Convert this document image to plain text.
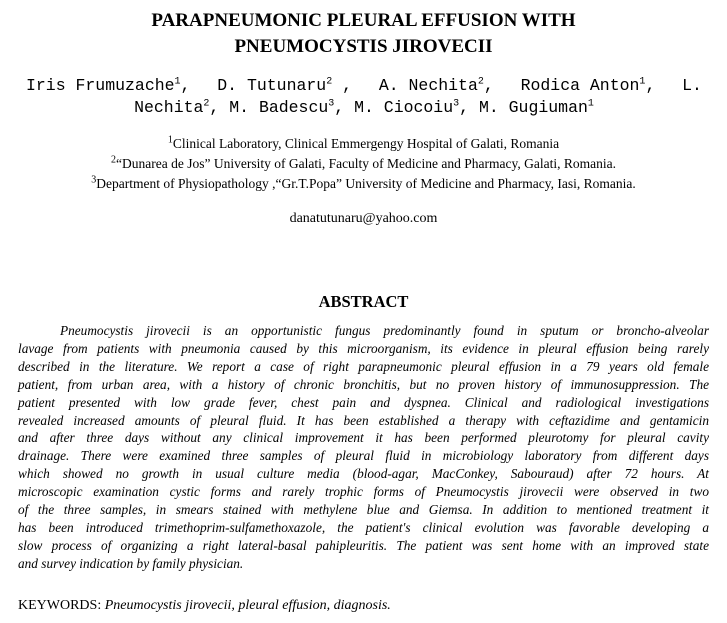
PARAPNEUMONIC PLEURAL EFFUSION WITH
PNEUMOCYSTIS JIROVECII
Iris Frumuzache$^1$, D. Tutunaru$^2$ , A. Nechita$^2$, Rodica Anton$^1$, L.
Nechita$^2$, M. Badescu$^3$, M. Ciocoiu$^3$, M. Gugiuman$^1$
$^1$Clinical Laboratory, Clinical Emmergengy Hospital of Galati, Romania
$^2$“Dunarea de Jos” University of Galati, Faculty of Medicine and Pharmacy, Galati, Romania.
$^3$Department of Physiopathology ,“Gr.T.Popa” University of Medicine and Pharmacy, Iasi, Romania.
danatutunaru@yahoo.com
ABSTRACT
Pneumocystis jirovecii is an opportunistic fungus predominantly found in sputum or broncho-alveolar
lavage from patients with pneumonia caused by this microorganism, its evidence in pleural effusion being rarely
described in the literature. We report a case of right parapneumonic pleural effusion in a 79 years old female
patient, from urban area, with a history of chronic bronchitis, but no proven history of immunosuppression. The
patient presented with low grade fever, chest pain and dyspnea. Clinical and radiological investigations
revealed increased amounts of pleural fluid. It has been established a therapy with ceftazidime and gentamicin
and after three days without any clinical improvement it has been performed pleurotomy for pleural cavity
drainage. There were examined three samples of pleural fluid in microbiology laboratory from different days
which showed no growth in usual culture media (blood-agar, MacConkey, Sabouraud) after 72 hours. At
microscopic examination cystic forms and rarely trophic forms of Pneumocystis jirovecii were observed in two
of the three samples, in smears stained with methylene blue and Giemsa. In addition to mentioned treatment it
has been introduced trimethoprim-sulfamethoxazole, the patient's clinical evolution was favorable developing a
slow process of organizing a right lateral-basal pahipleuritis. The patient was sent home with an improved state
and survey indication by family physician.
KEYWORDS: Pneumocystis jirovecii, pleural effusion, diagnosis.
